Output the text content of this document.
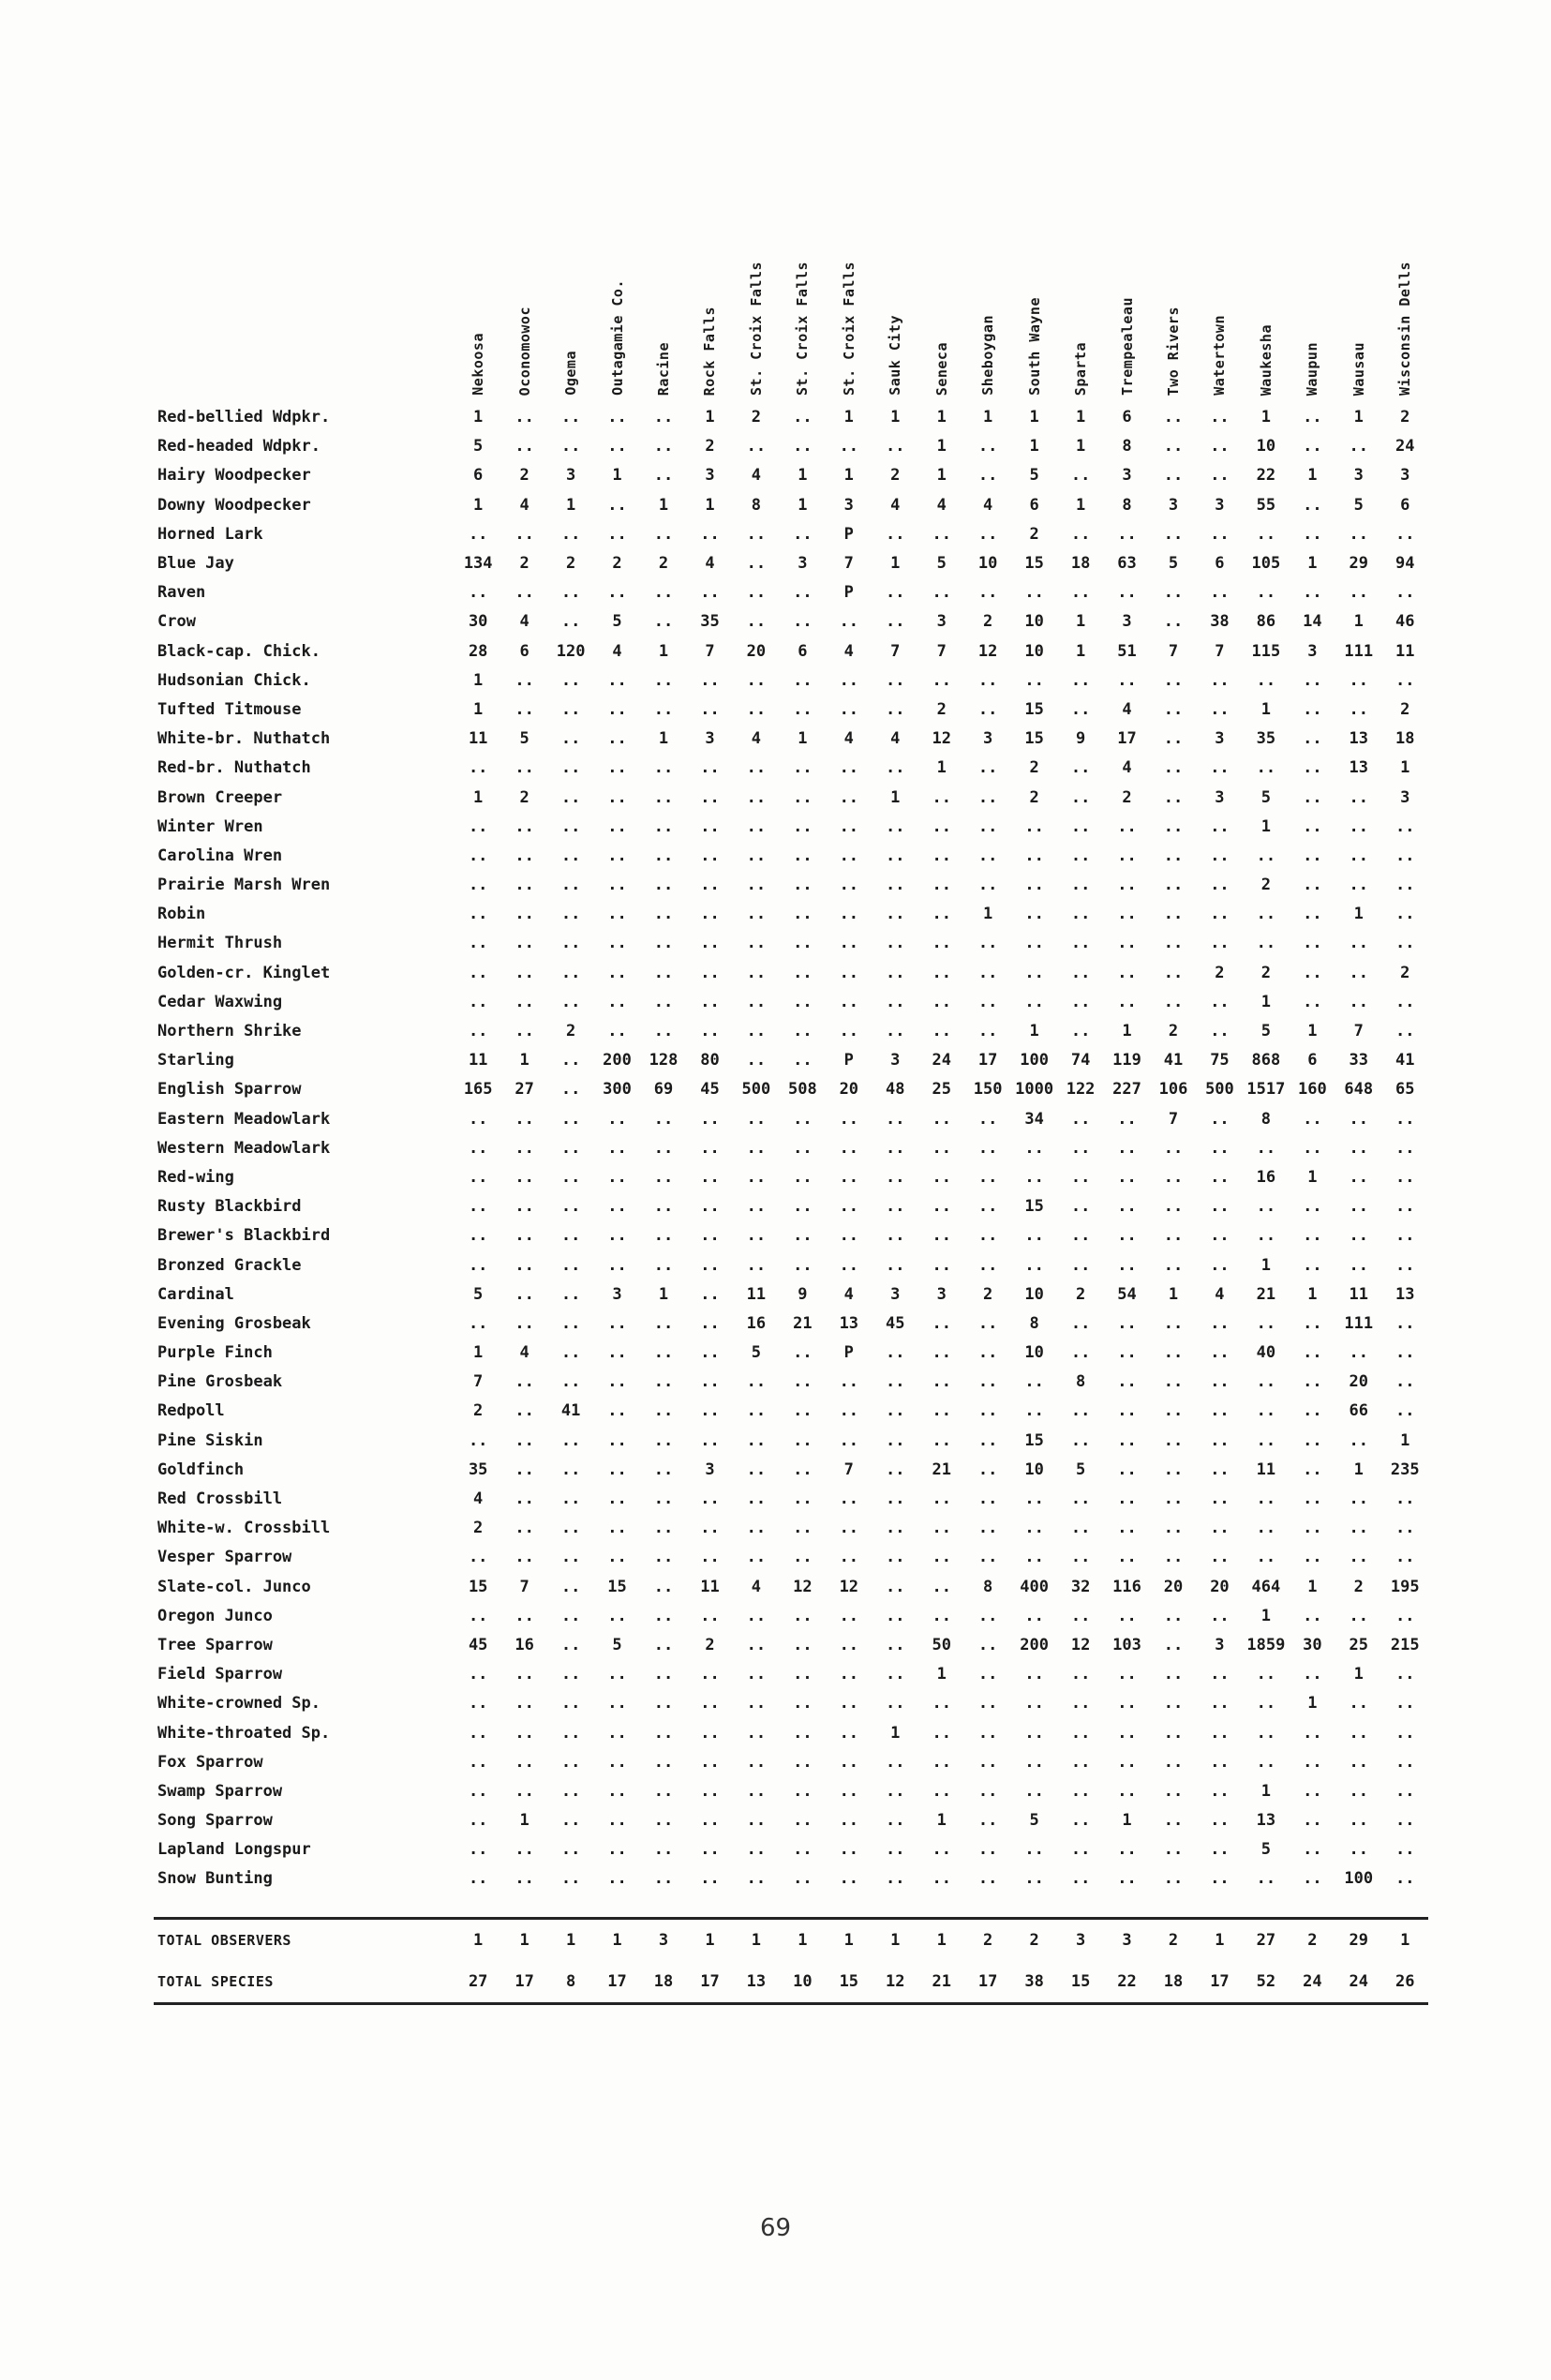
	Nekoosa	Oconomowoc	Ogema	Outagamie Co.	Racine	Rock Falls	St. Croix Falls	St. Croix Falls	St. Croix Falls	Sauk City	Seneca	Sheboygan	South Wayne	Sparta	Trempealeau	Two Rivers	Watertown	Waukesha	Waupun	Wausau	Wisconsin Dells

Red-bellied Wdpkr.	1	..	..	..	..	1	2	..	1	1	1	1	1	1	6	..	..	1	..	1	2
Red-headed Wdpkr.	5	..	..	..	..	2	..	..	..	..	1	..	1	1	8	..	..	10	..	..	24
Hairy Woodpecker	6	2	3	1	..	3	4	1	1	2	1	..	5	..	3	..	..	22	1	3	3
Downy Woodpecker	1	4	1	..	1	1	8	1	3	4	4	4	6	1	8	3	3	55	..	5	6
Horned Lark	..	..	..	..	..	..	..	..	P	..	..	..	2	..	..	..	..	..	..	..	..
Blue Jay	134	2	2	2	2	4	..	3	7	1	5	10	15	18	63	5	6	105	1	29	94
Raven	..	..	..	..	..	..	..	..	P	..	..	..	..	..	..	..	..	..	..	..	..
Crow	30	4	..	5	..	35	..	..	..	..	3	2	10	1	3	..	38	86	14	1	46
Black-cap. Chick.	28	6	120	4	1	7	20	6	4	7	7	12	10	1	51	7	7	115	3	111	11
Hudsonian Chick.	1	..	..	..	..	..	..	..	..	..	..	..	..	..	..	..	..	..	..	..	..
Tufted Titmouse	1	..	..	..	..	..	..	..	..	..	2	..	15	..	4	..	..	1	..	..	2
White-br. Nuthatch	11	5	..	..	1	3	4	1	4	4	12	3	15	9	17	..	3	35	..	13	18
Red-br. Nuthatch	..	..	..	..	..	..	..	..	..	..	1	..	2	..	4	..	..	..	..	13	1
Brown Creeper	1	2	..	..	..	..	..	..	..	1	..	..	2	..	2	..	3	5	..	..	3
Winter Wren	..	..	..	..	..	..	..	..	..	..	..	..	..	..	..	..	..	1	..	..	..
Carolina Wren	..	..	..	..	..	..	..	..	..	..	..	..	..	..	..	..	..	..	..	..	..
Prairie Marsh Wren	..	..	..	..	..	..	..	..	..	..	..	..	..	..	..	..	..	2	..	..	..
Robin	..	..	..	..	..	..	..	..	..	..	..	1	..	..	..	..	..	..	..	1	..
Hermit Thrush	..	..	..	..	..	..	..	..	..	..	..	..	..	..	..	..	..	..	..	..	..
Golden-cr. Kinglet	..	..	..	..	..	..	..	..	..	..	..	..	..	..	..	..	2	2	..	..	2
Cedar Waxwing	..	..	..	..	..	..	..	..	..	..	..	..	..	..	..	..	..	1	..	..	..
Northern Shrike	..	..	2	..	..	..	..	..	..	..	..	..	1	..	1	2	..	5	1	7	..
Starling	11	1	..	200	128	80	..	..	P	3	24	17	100	74	119	41	75	868	6	33	41
English Sparrow	165	27	..	300	69	45	500	508	20	48	25	150	1000	122	227	106	500	1517	160	648	65
Eastern Meadowlark	..	..	..	..	..	..	..	..	..	..	..	..	34	..	..	7	..	8	..	..	..
Western Meadowlark	..	..	..	..	..	..	..	..	..	..	..	..	..	..	..	..	..	..	..	..	..
Red-wing	..	..	..	..	..	..	..	..	..	..	..	..	..	..	..	..	..	16	1	..	..
Rusty Blackbird	..	..	..	..	..	..	..	..	..	..	..	..	15	..	..	..	..	..	..	..	..
Brewer's Blackbird	..	..	..	..	..	..	..	..	..	..	..	..	..	..	..	..	..	..	..	..	..
Bronzed Grackle	..	..	..	..	..	..	..	..	..	..	..	..	..	..	..	..	..	1	..	..	..
Cardinal	5	..	..	3	1	..	11	9	4	3	3	2	10	2	54	1	4	21	1	11	13
Evening Grosbeak	..	..	..	..	..	..	16	21	13	45	..	..	8	..	..	..	..	..	..	111	..
Purple Finch	1	4	..	..	..	..	5	..	P	..	..	..	10	..	..	..	..	40	..	..	..
Pine Grosbeak	7	..	..	..	..	..	..	..	..	..	..	..	..	8	..	..	..	..	..	20	..
Redpoll	2	..	41	..	..	..	..	..	..	..	..	..	..	..	..	..	..	..	..	66	..
Pine Siskin	..	..	..	..	..	..	..	..	..	..	..	..	15	..	..	..	..	..	..	..	1
Goldfinch	35	..	..	..	..	3	..	..	7	..	21	..	10	5	..	..	..	11	..	1	235
Red Crossbill	4	..	..	..	..	..	..	..	..	..	..	..	..	..	..	..	..	..	..	..	..
White-w. Crossbill	2	..	..	..	..	..	..	..	..	..	..	..	..	..	..	..	..	..	..	..	..
Vesper Sparrow	..	..	..	..	..	..	..	..	..	..	..	..	..	..	..	..	..	..	..	..	..
Slate-col. Junco	15	7	..	15	..	11	4	12	12	..	..	8	400	32	116	20	20	464	1	2	195
Oregon Junco	..	..	..	..	..	..	..	..	..	..	..	..	..	..	..	..	..	1	..	..	..
Tree Sparrow	45	16	..	5	..	2	..	..	..	..	50	..	200	12	103	..	3	1859	30	25	215
Field Sparrow	..	..	..	..	..	..	..	..	..	..	1	..	..	..	..	..	..	..	..	1	..
White-crowned Sp.	..	..	..	..	..	..	..	..	..	..	..	..	..	..	..	..	..	..	1	..	..
White-throated Sp.	..	..	..	..	..	..	..	..	..	1	..	..	..	..	..	..	..	..	..	..	..
Fox Sparrow	..	..	..	..	..	..	..	..	..	..	..	..	..	..	..	..	..	..	..	..	..
Swamp Sparrow	..	..	..	..	..	..	..	..	..	..	..	..	..	..	..	..	..	1	..	..	..
Song Sparrow	..	1	..	..	..	..	..	..	..	..	1	..	5	..	1	..	..	13	..	..	..
Lapland Longspur	..	..	..	..	..	..	..	..	..	..	..	..	..	..	..	..	..	5	..	..	..
Snow Bunting	..	..	..	..	..	..	..	..	..	..	..	..	..	..	..	..	..	..	..	100	..

TOTAL OBSERVERS	1	1	1	1	3	1	1	1	1	1	1	2	2	3	3	2	1	27	2	29	1
TOTAL SPECIES	27	17	8	17	18	17	13	10	15	12	21	17	38	15	22	18	17	52	24	24	26
69
